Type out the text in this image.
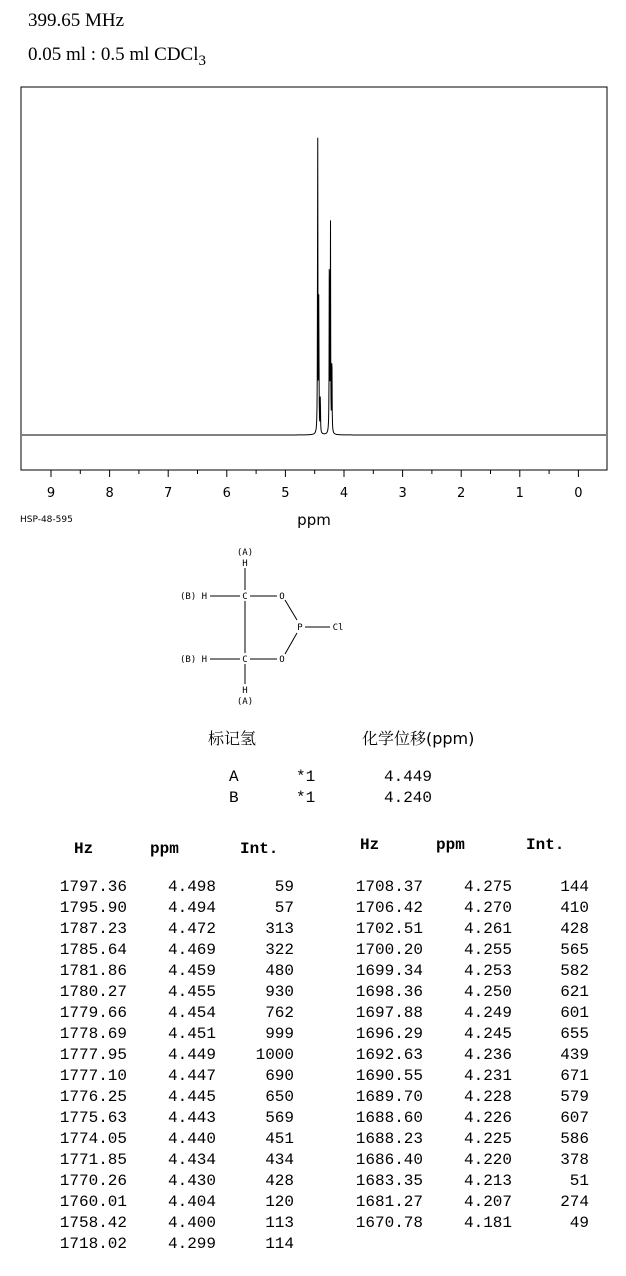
399.65 MHz
0.05 ml : 0.5 ml CDCl$_3$
9	8	7	6	5	4	3	2	1	0
ppm
HSP-48-595
(A)
H
(B) H	C	O
P	Cl
(B) H	C	O
H
(A)
标记氢	化学位移(ppm)
A	*1	4.449
B	*1	4.240
Hz	ppm	Int.
1797.36	4.498	59
1795.90	4.494	57
1787.23	4.472	313
1785.64	4.469	322
1781.86	4.459	480
1780.27	4.455	930
1779.66	4.454	762
1778.69	4.451	999
1777.95	4.449	1000
1777.10	4.447	690
1776.25	4.445	650
1775.63	4.443	569
1774.05	4.440	451
1771.85	4.434	434
1770.26	4.430	428
1760.01	4.404	120
1758.42	4.400	113
1718.02	4.299	114
Hz	ppm	Int.
1708.37	4.275	144
1706.42	4.270	410
1702.51	4.261	428
1700.20	4.255	565
1699.34	4.253	582
1698.36	4.250	621
1697.88	4.249	601
1696.29	4.245	655
1692.63	4.236	439
1690.55	4.231	671
1689.70	4.228	579
1688.60	4.226	607
1688.23	4.225	586
1686.40	4.220	378
1683.35	4.213	51
1681.27	4.207	274
1670.78	4.181	49
